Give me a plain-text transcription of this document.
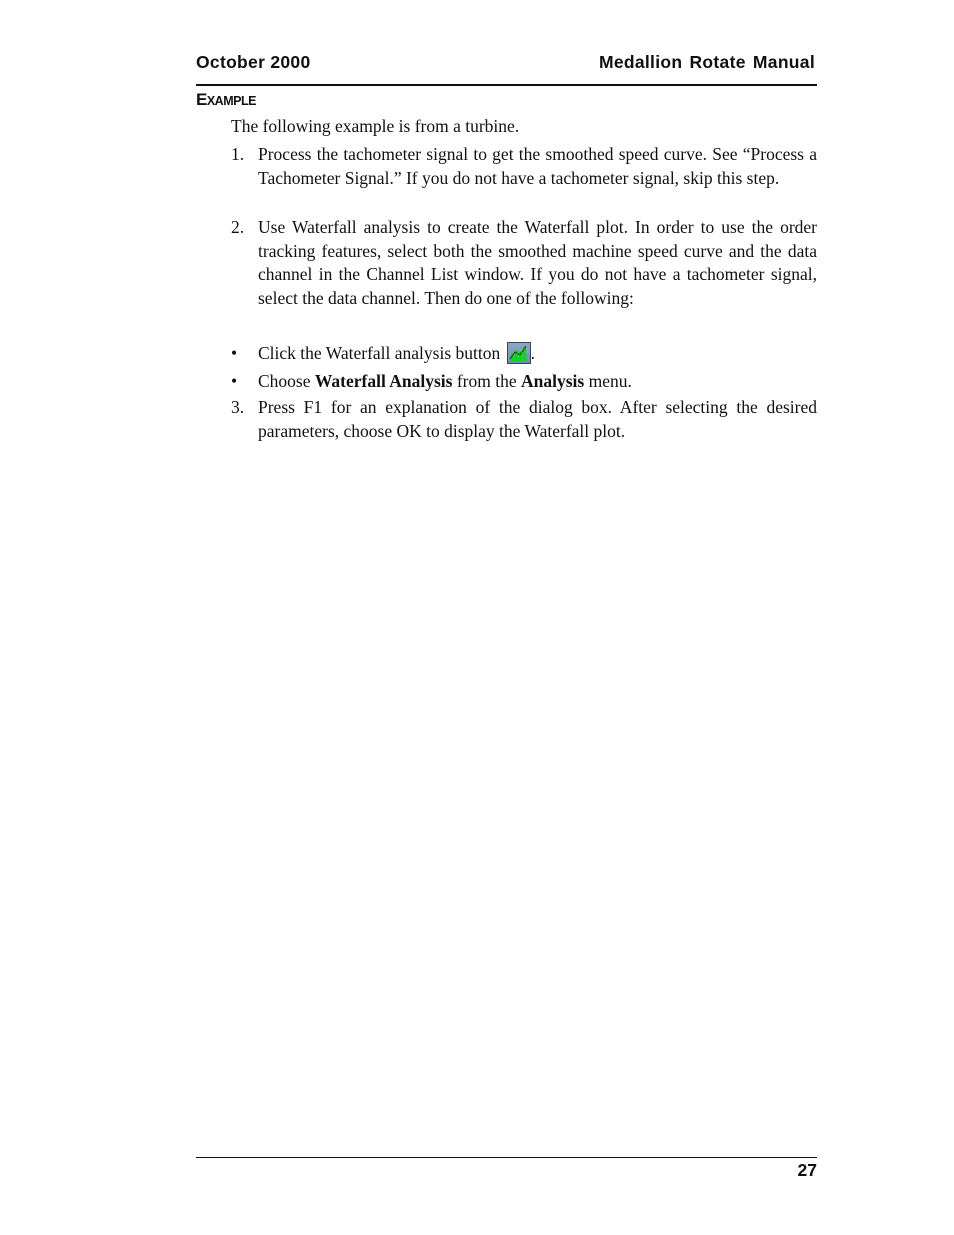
October 2000	Medallion Rotate Manual
EXAMPLE
The following example is from a turbine.
1. Process the tachometer signal to get the smoothed speed curve. See “Process a Tachometer Signal.” If you do not have a tachometer signal, skip this step.
2. Use Waterfall analysis to create the Waterfall plot. In order to use the order tracking features, select both the smoothed machine speed curve and the data channel in the Channel List window. If you do not have a tachometer signal, select the data channel. Then do one of the following:
• Click the Waterfall analysis button
.
• Choose Waterfall Analysis from the Analysis menu.
3. Press F1 for an explanation of the dialog box. After selecting the desired parameters, choose OK to display the Waterfall plot.
27
